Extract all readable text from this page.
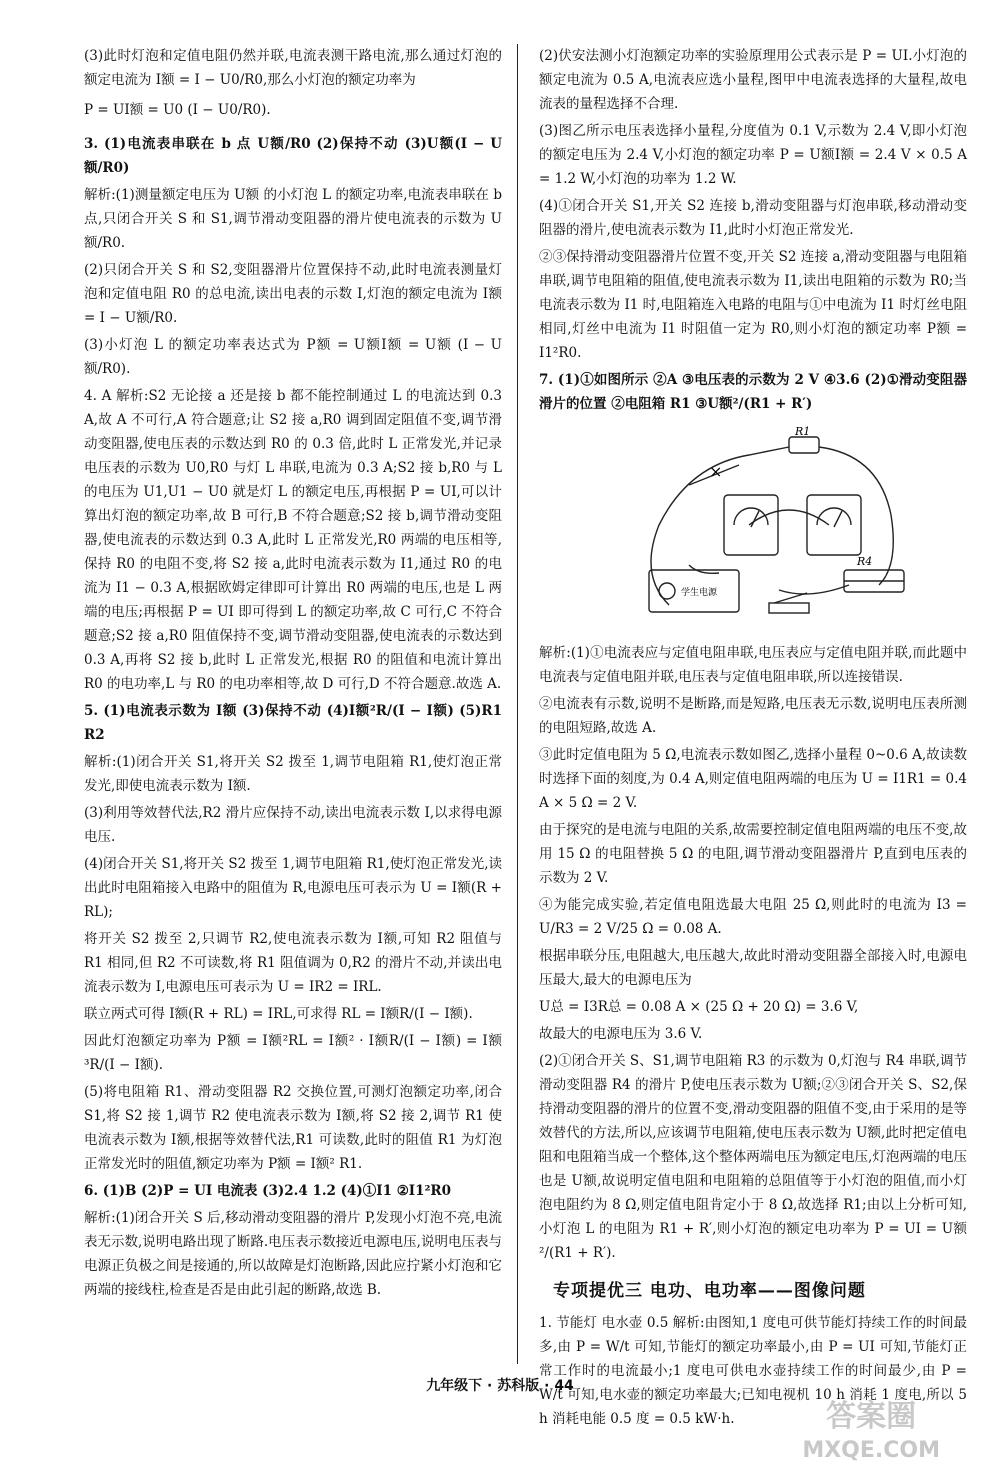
(3)此时灯泡和定值电阻仍然并联,电流表测干路电流,那么通过灯泡的额定电流为 I额 = I − U0/R0,那么小灯泡的额定功率为

P = UI额 = U0 (I − U0/R0).

3. (1)电流表串联在 b 点 U额/R0 (2)保持不动 (3)U额(I − U额/R0)

解析:(1)测量额定电压为 U额 的小灯泡 L 的额定功率,电流表串联在 b 点,只闭合开关 S 和 S1,调节滑动变阻器的滑片使电流表的示数为 U额/R0.

(2)只闭合开关 S 和 S2,变阻器滑片位置保持不动,此时电流表测量灯泡和定值电阻 R0 的总电流,读出电表的示数 I,灯泡的额定电流为 I额 = I − U额/R0.

(3)小灯泡 L 的额定功率表达式为 P额 = U额I额 = U额 (I − U额/R0).

4. A 解析:S2 无论接 a 还是接 b 都不能控制通过 L 的电流达到 0.3 A,故 A 不可行,A 符合题意;让 S2 接 a,R0 调到固定阻值不变,调节滑动变阻器,使电压表的示数达到 R0 的 0.3 倍,此时 L 正常发光,并记录电压表的示数为 U0,R0 与灯 L 串联,电流为 0.3 A;S2 接 b,R0 与 L 的电压为 U1,U1 − U0 就是灯 L 的额定电压,再根据 P = UI,可以计算出灯泡的额定功率,故 B 可行,B 不符合题意;S2 接 b,调节滑动变阻器,使电流表的示数达到 0.3 A,此时 L 正常发光,R0 两端的电压相等,保持 R0 的电阻不变,将 S2 接 a,此时电流表示数为 I1,通过 R0 的电流为 I1 − 0.3 A,根据欧姆定律即可计算出 R0 两端的电压,也是 L 两端的电压;再根据 P = UI 即可得到 L 的额定功率,故 C 可行,C 不符合题意;S2 接 a,R0 阻值保持不变,调节滑动变阻器,使电流表的示数达到 0.3 A,再将 S2 接 b,此时 L 正常发光,根据 R0 的阻值和电流计算出 R0 的电功率,L 与 R0 的电功率相等,故 D 可行,D 不符合题意.故选 A.

5. (1)电流表示数为 I额 (3)保持不动 (4)I额²R/(I − I额) (5)R1 R2

解析:(1)闭合开关 S1,将开关 S2 拨至 1,调节电阻箱 R1,使灯泡正常发光,即使电流表示数为 I额.

(3)利用等效替代法,R2 滑片应保持不动,读出电流表示数 I,以求得电源电压.

(4)闭合开关 S1,将开关 S2 拨至 1,调节电阻箱 R1,使灯泡正常发光,读出此时电阻箱接入电路中的阻值为 R,电源电压可表示为 U = I额(R + RL);

将开关 S2 拨至 2,只调节 R2,使电流表示数为 I额,可知 R2 阻值与 R1 相同,但 R2 不可读数,将 R1 阻值调为 0,R2 的滑片不动,并读出电流表示数为 I,电源电压可表示为 U = IR2 = IRL.

联立两式可得 I额(R + RL) = IRL,可求得 RL = I额R/(I − I额).

因此灯泡额定功率为 P额 = I额²RL = I额² · I额R/(I − I额) = I额³R/(I − I额).

(5)将电阻箱 R1、滑动变阻器 R2 交换位置,可测灯泡额定功率,闭合 S1,将 S2 接 1,调节 R2 使电流表示数为 I额,将 S2 接 2,调节 R1 使电流表示数为 I额,根据等效替代法,R1 可读数,此时的阻值 R1 为灯泡正常发光时的阻值,额定功率为 P额 = I额² R1.

6. (1)B (2)P = UI 电流表 (3)2.4 1.2 (4)①I1 ②I1²R0

解析:(1)闭合开关 S 后,移动滑动变阻器的滑片 P,发现小灯泡不亮,电流表无示数,说明电路出现了断路.电压表示数接近电源电压,说明电压表与电源正负极之间是接通的,所以故障是灯泡断路,因此应拧紧小灯泡和它两端的接线柱,检查是否是由此引起的断路,故选 B.

(2)伏安法测小灯泡额定功率的实验原理用公式表示是 P = UI.小灯泡的额定电流为 0.5 A,电流表应选小量程,图甲中电流表选择的大量程,故电流表的量程选择不合理.

(3)图乙所示电压表选择小量程,分度值为 0.1 V,示数为 2.4 V,即小灯泡的额定电压为 2.4 V,小灯泡的额定功率 P = U额I额 = 2.4 V × 0.5 A = 1.2 W,小灯泡的功率为 1.2 W.

(4)①闭合开关 S1,开关 S2 连接 b,滑动变阻器与灯泡串联,移动滑动变阻器的滑片,使电流表示数为 I1,此时小灯泡正常发光.

②③保持滑动变阻器滑片位置不变,开关 S2 连接 a,滑动变阻器与电阻箱串联,调节电阻箱的阻值,使电流表示数为 I1,读出电阻箱的示数为 R0;当电流表示数为 I1 时,电阻箱连入电路的电阻与①中电流为 I1 时灯丝电阻相同,灯丝中电流为 I1 时阻值一定为 R0,则小灯泡的额定功率 P额 = I1²R0.

7. (1)①如图所示 ②A ③电压表的示数为 2 V ④3.6 (2)①滑动变阻器滑片的位置 ②电阻箱 R1 ③U额²/(R1 + R′)

R1
R4
学生电源
×

解析:(1)①电流表应与定值电阻串联,电压表应与定值电阻并联,而此题中电流表与定值电阻并联,电压表与定值电阻串联,所以连接错误.

②电流表有示数,说明不是断路,而是短路,电压表无示数,说明电压表所测的电阻短路,故选 A.

③此时定值电阻为 5 Ω,电流表示数如图乙,选择小量程 0~0.6 A,故读数时选择下面的刻度,为 0.4 A,则定值电阻两端的电压为 U = I1R1 = 0.4 A × 5 Ω = 2 V.

由于探究的是电流与电阻的关系,故需要控制定值电阻两端的电压不变,故用 15 Ω 的电阻替换 5 Ω 的电阻,调节滑动变阻器滑片 P,直到电压表的示数为 2 V.

④为能完成实验,若定值电阻选最大电阻 25 Ω,则此时的电流为 I3 = U/R3 = 2 V/25 Ω = 0.08 A.

根据串联分压,电阻越大,电压越大,故此时滑动变阻器全部接入时,电源电压最大,最大的电源电压为

U总 = I3R总 = 0.08 A × (25 Ω + 20 Ω) = 3.6 V,

故最大的电源电压为 3.6 V.

(2)①闭合开关 S、S1,调节电阻箱 R3 的示数为 0,灯泡与 R4 串联,调节滑动变阻器 R4 的滑片 P,使电压表示数为 U额;②③闭合开关 S、S2,保持滑动变阻器的滑片的位置不变,滑动变阻器的阻值不变,由于采用的是等效替代的方法,所以,应该调节电阻箱,使电压表示数为 U额,此时把定值电阻和电阻箱当成一个整体,这个整体两端电压为额定电压,灯泡两端的电压也是 U额,故说明定值电阻和电阻箱的总阻值等于小灯泡的阻值,而小灯泡电阻约为 8 Ω,则定值电阻肯定小于 8 Ω,故选择 R1;由以上分析可知,小灯泡 L 的电阻为 R1 + R′,则小灯泡的额定电功率为 P = UI = U额²/(R1 + R′).

专项提优三 电功、电功率——图像问题

1. 节能灯 电水壶 0.5 解析:由图知,1 度电可供节能灯持续工作的时间最多,由 P = W/t 可知,节能灯的额定功率最小,由 P = UI 可知,节能灯正常工作时的电流最小;1 度电可供电水壶持续工作的时间最少,由 P = W/t 可知,电水壶的额定功率最大;已知电视机 10 h 消耗 1 度电,所以 5 h 消耗电能 0.5 度 = 0.5 kW·h.

九年级下 · 苏科版 · 44
答案圈
MXQE.COM
